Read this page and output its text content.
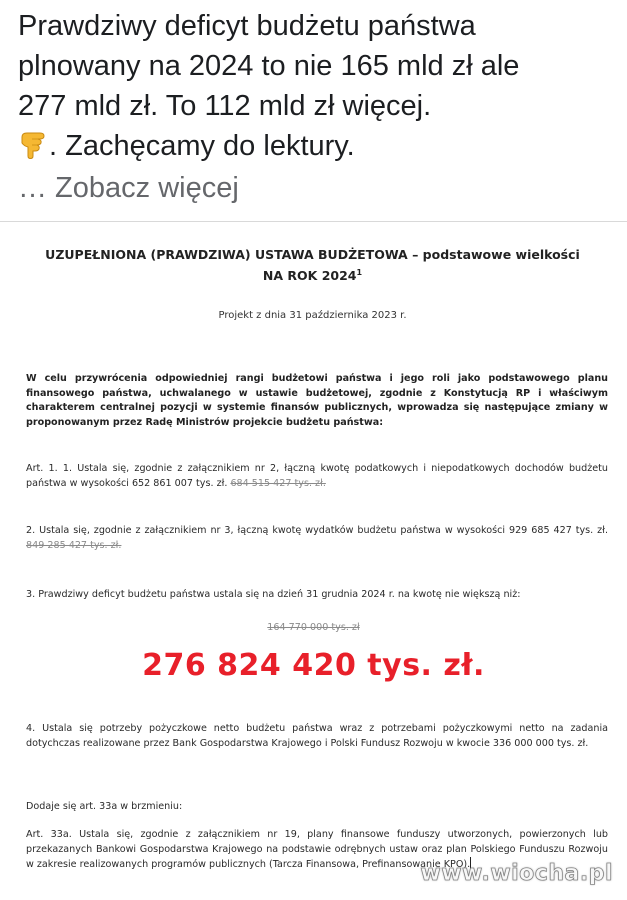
Prawdziwy deficyt budżetu państwa
plnowany na 2024 to nie 165 mld zł ale
277 mld zł. To 112 mld zł więcej.
. Zachęcamy do lektury.
… Zobacz więcej
UZUPEŁNIONA (PRAWDZIWA) USTAWA BUDŻETOWA – podstawowe wielkości
NA ROK 2024$^1$
Projekt z dnia 31 października 2023 r.
W celu przywrócenia odpowiedniej rangi budżetowi państwa i jego roli jako podstawowego planu finansowego państwa, uchwalanego w ustawie budżetowej, zgodnie z Konstytucją RP i właściwym charakterem centralnej pozycji w systemie finansów publicznych, wprowadza się następujące zmiany w proponowanym przez Radę Ministrów projekcie budżetu państwa:
Art. 1. 1. Ustala się, zgodnie z załącznikiem nr 2, łączną kwotę podatkowych i niepodatkowych dochodów budżetu państwa w wysokości 652 861 007 tys. zł. 684 515 427 tys. zł.
2. Ustala się, zgodnie z załącznikiem nr 3, łączną kwotę wydatków budżetu państwa w wysokości 929 685 427 tys. zł. 849 285 427 tys. zł.
3. Prawdziwy deficyt budżetu państwa ustala się na dzień 31 grudnia 2024 r. na kwotę nie większą niż:
164 770 000 tys. zł
276 824 420 tys. zł.
4. Ustala się potrzeby pożyczkowe netto budżetu państwa wraz z potrzebami pożyczkowymi netto na zadania dotychczas realizowane przez Bank Gospodarstwa Krajowego i Polski Fundusz Rozwoju w kwocie 336 000 000 tys. zł.
Dodaje się art. 33a w brzmieniu:
Art. 33a. Ustala się, zgodnie z załącznikiem nr 19, plany finansowe funduszy utworzonych, powierzonych lub przekazanych Bankowi Gospodarstwa Krajowego na podstawie odrębnych ustaw oraz plan Polskiego Funduszu Rozwoju w zakresie realizowanych programów publicznych (Tarcza Finansowa, Prefinansowanie KPO).
www.wiocha.pl
